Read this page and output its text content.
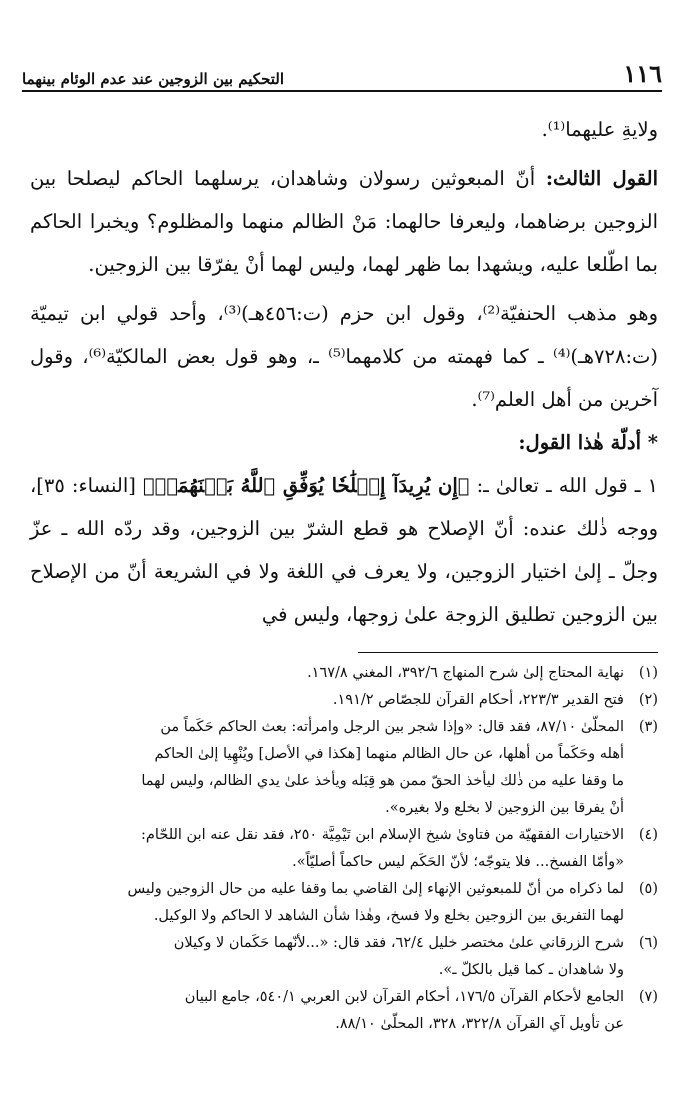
١١٦
التحكيم بين الزوجين عند عدم الوئام بينهما

ولايةِ عليهما⁽¹⁾.

القول الثالث: أنّ المبعوثين رسولان وشاهدان، يرسلهما الحاكم ليصلحا بين الزوجين برضاهما، وليعرفا حالهما: مَنْ الظالم منهما والمظلوم؟ ويخبرا الحاكم بما اطّلعا عليه، ويشهدا بما ظهر لهما، وليس لهما أنْ يفرّقا بين الزوجين.

وهو مذهب الحنفيّة⁽²⁾، وقول ابن حزم (ت:٤٥٦هـ)⁽³⁾، وأحد قولي ابن تيميّة (ت:٧٢٨هـ)⁽⁴⁾ ـ كما فهمته من كلامهما⁽⁵⁾ ـ، وهو قول بعض المالكيّة⁽⁶⁾، وقول آخرين من أهل العلم⁽⁷⁾.

* أدلّة هٰذا القول:

١ ـ قول الله ـ تعالىٰ ـ: ﴿إِن يُرِيدَآ إِصۡلَٰحٗا يُوَفِّقِ ٱللَّهُ بَيۡنَهُمَآۗ﴾ [النساء: ٣٥]، ووجه ذٰلك عنده: أنّ الإصلاح هو قطع الشرّ بين الزوجين، وقد ردّه الله ـ عزّ وجلّ ـ إلىٰ اختيار الزوجين، ولا يعرف في اللغة ولا في الشريعة أنّ من الإصلاح بين الزوجين تطليق الزوجة علىٰ زوجها، وليس في

(١)
نهاية المحتاج إلىٰ شرح المنهاج ٣٩٢/٦، المغني ١٦٧/٨.
(٢)
فتح القدير ٢٢٣/٣، أحكام القرآن للجصّاص ١٩١/٢.
(٣)
المحلّىٰ ٨٧/١٠، فقد قال: «وإذا شجر بين الرجل وامرأته: بعث الحاكم حَكَماً من
أهله وحَكَماً من أهلها، عن حال الظالم منهما [هكذا في الأصل] ويُنْهِيا إلىٰ الحاكم
ما وقفا عليه من ذٰلك ليأخذ الحقّ ممن هو قِبَله ويأخذ علىٰ يدي الظالم، وليس لهما
أنْ يفرقا بين الزوجين لا بخلع ولا بغيره».
(٤)
الاختيارات الفقهيّة من فتاوىٰ شيخ الإسلام ابن تَيْمِيَّة ٢٥٠، فقد نقل عنه ابن اللحّام:
«وأمّا الفسخ... فلا يتوجّه؛ لأنّ الحَكَم ليس حاكماً أصليّاً».
(٥)
لما ذكراه من أنّ للمبعوثين الإنهاء إلىٰ القاضي بما وقفا عليه من حال الزوجين وليس
لهما التفريق بين الزوجين بخلع ولا فسخ، وهٰذا شأن الشاهد لا الحاكم ولا الوكيل.
(٦)
شرح الزرقاني علىٰ مختصر خليل ٦٢/٤، فقد قال: «...لأنّهما حَكَمان لا وكيلان
ولا شاهدان ـ كما قيل بالكلّ ـ».
(٧)
الجامع لأحكام القرآن ١٧٦/٥، أحكام القرآن لابن العربي ٥٤٠/١، جامع البيان
عن تأويل آي القرآن ٣٢٢/٨، ٣٢٨، المحلّىٰ ٨٨/١٠.
